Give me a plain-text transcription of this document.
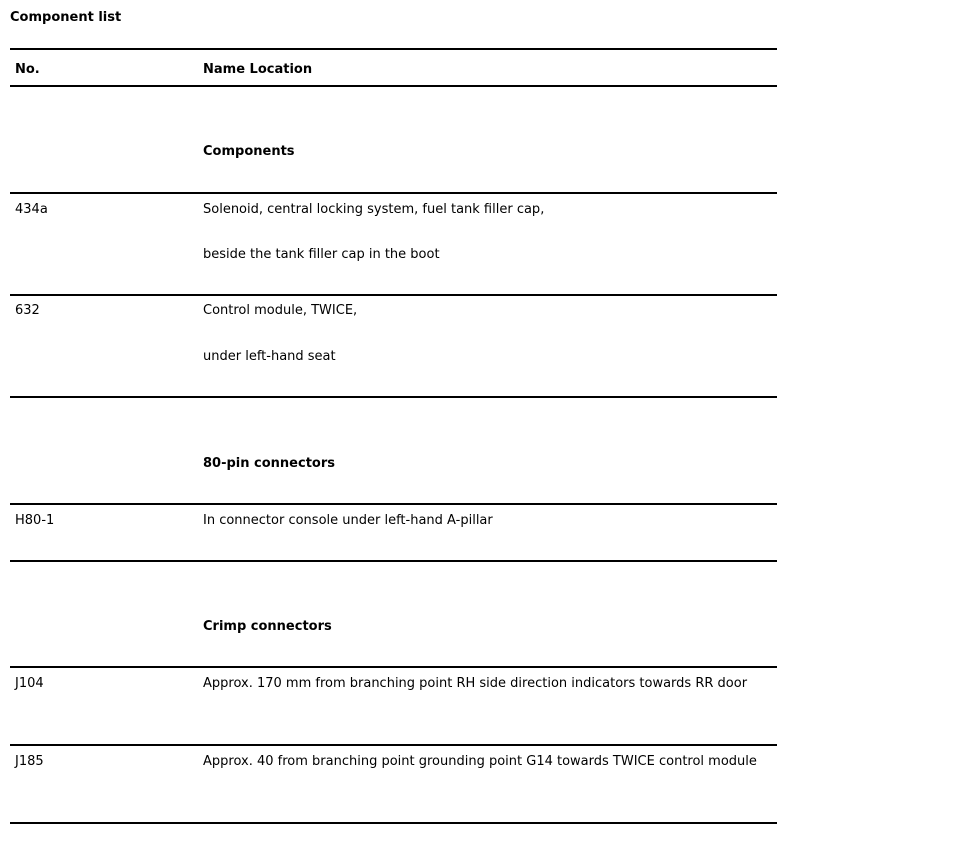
Component list
No.	Name Location
Components
434a	Solenoid, central locking system, fuel tank filler cap,
beside the tank filler cap in the boot
632	Control module, TWICE,
under left-hand seat
80-pin connectors
H80-1	In connector console under left-hand A-pillar
Crimp connectors
J104	Approx. 170 mm from branching point RH side direction indicators towards RR door
J185	Approx. 40 from branching point grounding point G14 towards TWICE control module
